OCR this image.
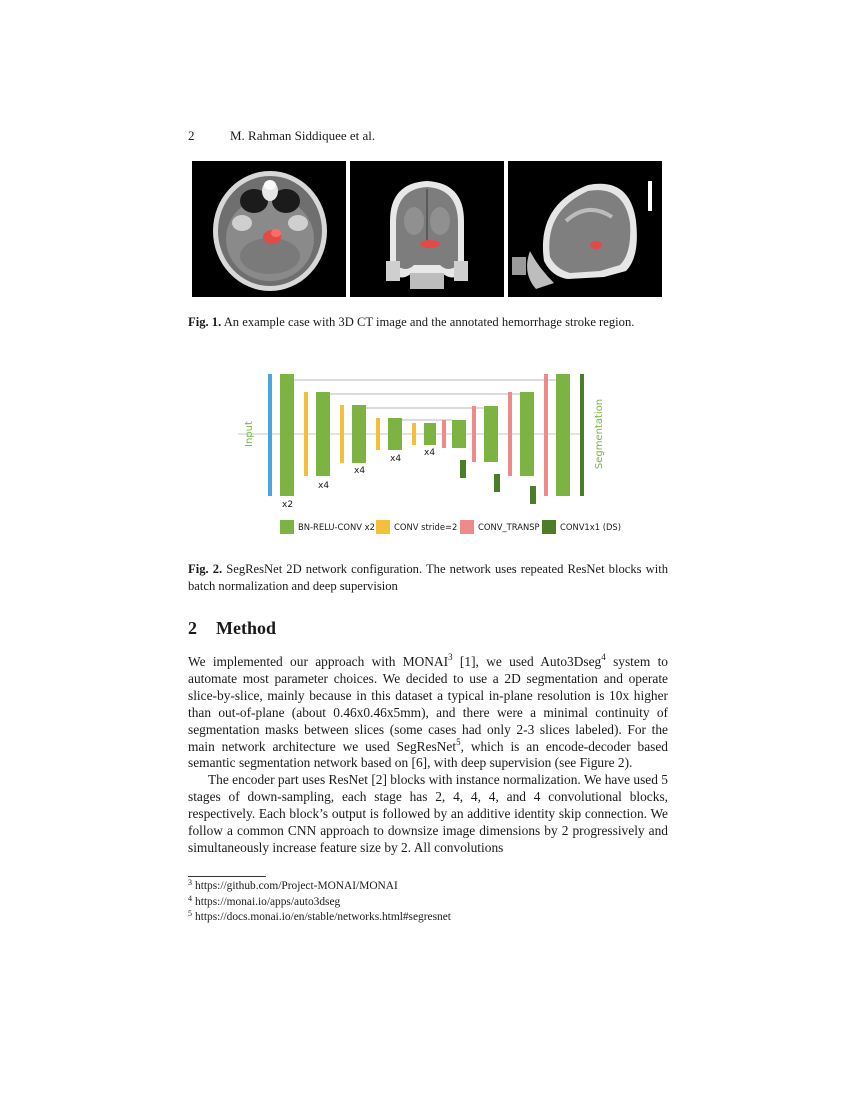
2	M. Rahman Siddiquee et al.
Fig. 1. An example case with 3D CT image and the annotated hemorrhage stroke region.
Input	Segmentation
x2
x4
x4
x4
x4
BN-RELU-CONV x2 CONV stride=2 CONV_TRANSP CONV1x1 (DS)
Fig. 2. SegResNet 2D network configuration. The network uses repeated ResNet blocks with batch normalization and deep supervision
2 Method

We implemented our approach with MONAI$^3$ [1], we used Auto3Dseg$^4$ system to automate most parameter choices. We decided to use a 2D segmentation and operate slice-by-slice, mainly because in this dataset a typical in-plane resolution is 10x higher than out-of-plane (about 0.46x0.46x5mm), and there were a minimal continuity of segmentation masks between slices (some cases had only 2-3 slices labeled). For the main network architecture we used SegResNet$^5$, which is an encode-decoder based semantic segmentation network based on [6], with deep supervision (see Figure 2).

The encoder part uses ResNet [2] blocks with instance normalization. We have used 5 stages of down-sampling, each stage has 2, 4, 4, 4, and 4 convolutional blocks, respectively. Each block’s output is followed by an additive identity skip connection. We follow a common CNN approach to downsize image dimensions by 2 progressively and simultaneously increase feature size by 2. All convolutions

$^3$ https://github.com/Project-MONAI/MONAI
$^4$ https://monai.io/apps/auto3dseg
$^5$ https://docs.monai.io/en/stable/networks.html#segresnet
